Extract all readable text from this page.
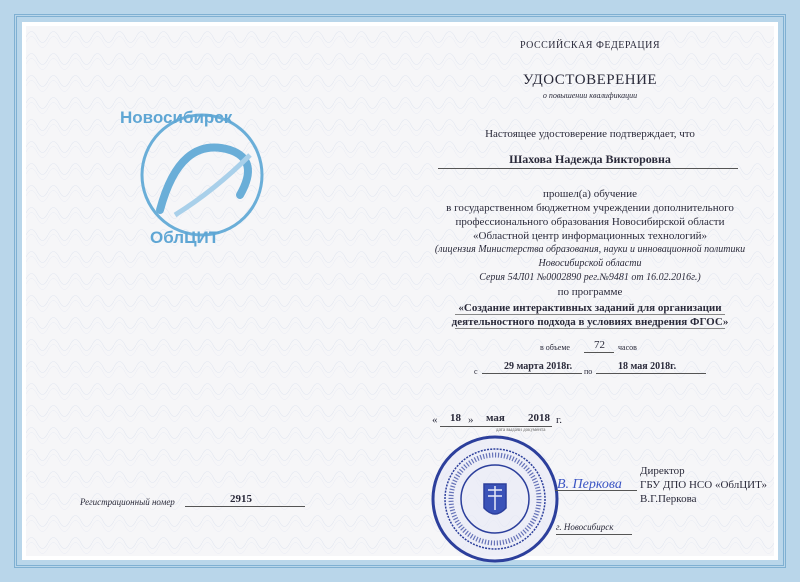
Новосибирск
ОблЦИТ
РОССИЙСКАЯ ФЕДЕРАЦИЯ
УДОСТОВЕРЕНИЕ
о повышении квалификации
Настоящее удостоверение подтверждает, что
Шахова Надежда Викторовна
прошел(а) обучение
в государственном бюджетном учреждении дополнительного
профессионального образования Новосибирской области
«Областной центр информационных технологий»
(лицензия Министерства образования, науки и инновационной политики
Новосибирской области
Серия 54Л01 №0002890 рег.№9481 от 16.02.2016г.)
по программе
«Создание интерактивных заданий для организации
деятельностного подхода в условиях внедрения ФГОС»
в объеме 72 часов
с	29 марта 2018г. по	18 мая 2018г.
« 18 » мая 2018 г.
дата выдачи документа
В. Перкова
Директор
ГБУ ДПО НСО «ОблЦИТ»
В.Г.Перкова
г. Новосибирск
Регистрационный номер	2915
